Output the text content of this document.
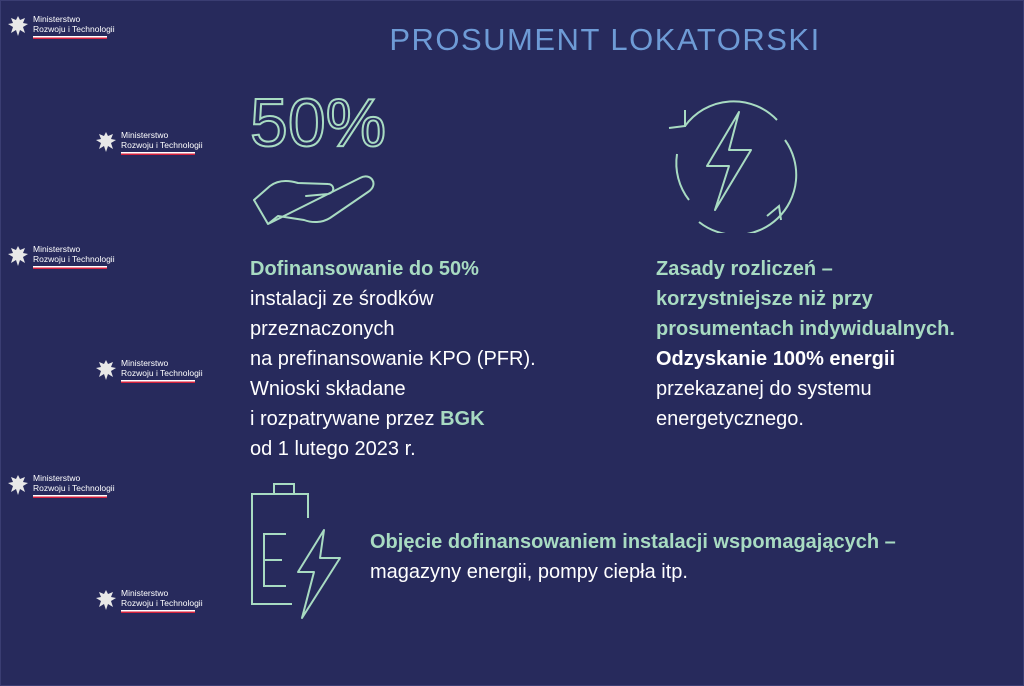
PROSUMENT LOKATORSKI
Ministerstwo
Rozwoju i Technologii
Ministerstwo
Rozwoju i Technologii
Ministerstwo
Rozwoju i Technologii
Ministerstwo
Rozwoju i Technologii
Ministerstwo
Rozwoju i Technologii
Ministerstwo
Rozwoju i Technologii
50%
Dofinansowanie do 50%
instalacji ze środków
przeznaczonych
na prefinansowanie KPO (PFR).
Wnioski składane
i rozpatrywane przez BGK
od 1 lutego 2023 r.
Zasady rozliczeń –
korzystniejsze niż przy
prosumentach indywidualnych.
Odzyskanie 100% energii
przekazanej do systemu
energetycznego.
Objęcie dofinansowaniem instalacji wspomagających –
magazyny energii, pompy ciepła itp.
